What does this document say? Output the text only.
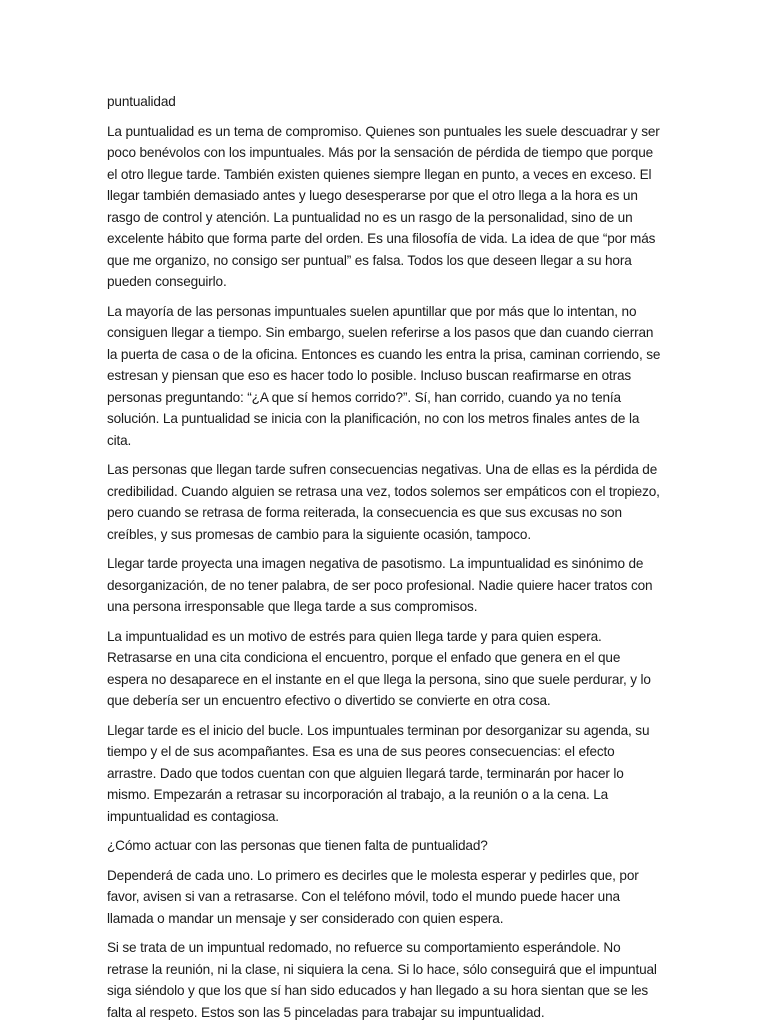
puntualidad

La puntualidad es un tema de compromiso. Quienes son puntuales les suele descuadrar y ser poco benévolos con los impuntuales. Más por la sensación de pérdida de tiempo que porque el otro llegue tarde. También existen quienes siempre llegan en punto, a veces en exceso. El llegar también demasiado antes y luego desesperarse por que el otro llega a la hora es un rasgo de control y atención. La puntualidad no es un rasgo de la personalidad, sino de un excelente hábito que forma parte del orden. Es una filosofía de vida. La idea de que “por más que me organizo, no consigo ser puntual” es falsa. Todos los que deseen llegar a su hora pueden conseguirlo.

La mayoría de las personas impuntuales suelen apuntillar que por más que lo intentan, no consiguen llegar a tiempo. Sin embargo, suelen referirse a los pasos que dan cuando cierran la puerta de casa o de la oficina. Entonces es cuando les entra la prisa, caminan corriendo, se estresan y piensan que eso es hacer todo lo posible. Incluso buscan reafirmarse en otras personas preguntando: “¿A que sí hemos corrido?”. Sí, han corrido, cuando ya no tenía solución. La puntualidad se inicia con la planificación, no con los metros finales antes de la cita.

Las personas que llegan tarde sufren consecuencias negativas. Una de ellas es la pérdida de credibilidad. Cuando alguien se retrasa una vez, todos solemos ser empáticos con el tropiezo, pero cuando se retrasa de forma reiterada, la consecuencia es que sus excusas no son creíbles, y sus promesas de cambio para la siguiente ocasión, tampoco.

Llegar tarde proyecta una imagen negativa de pasotismo. La impuntualidad es sinónimo de desorganización, de no tener palabra, de ser poco profesional. Nadie quiere hacer tratos con una persona irresponsable que llega tarde a sus compromisos.

La impuntualidad es un motivo de estrés para quien llega tarde y para quien espera. Retrasarse en una cita condiciona el encuentro, porque el enfado que genera en el que espera no desaparece en el instante en el que llega la persona, sino que suele perdurar, y lo que debería ser un encuentro efectivo o divertido se convierte en otra cosa.

Llegar tarde es el inicio del bucle. Los impuntuales terminan por desorganizar su agenda, su tiempo y el de sus acompañantes. Esa es una de sus peores consecuencias: el efecto arrastre. Dado que todos cuentan con que alguien llegará tarde, terminarán por hacer lo mismo. Empezarán a retrasar su incorporación al trabajo, a la reunión o a la cena. La impuntualidad es contagiosa.

¿Cómo actuar con las personas que tienen falta de puntualidad?

Dependerá de cada uno. Lo primero es decirles que le molesta esperar y pedirles que, por favor, avisen si van a retrasarse. Con el teléfono móvil, todo el mundo puede hacer una llamada o mandar un mensaje y ser considerado con quien espera.

Si se trata de un impuntual redomado, no refuerce su comportamiento esperándole. No retrase la reunión, ni la clase, ni siquiera la cena. Si lo hace, sólo conseguirá que el impuntual siga siéndolo y que los que sí han sido educados y han llegado a su hora sientan que se les falta al respeto. Estos son las 5 pinceladas para trabajar su impuntualidad.
